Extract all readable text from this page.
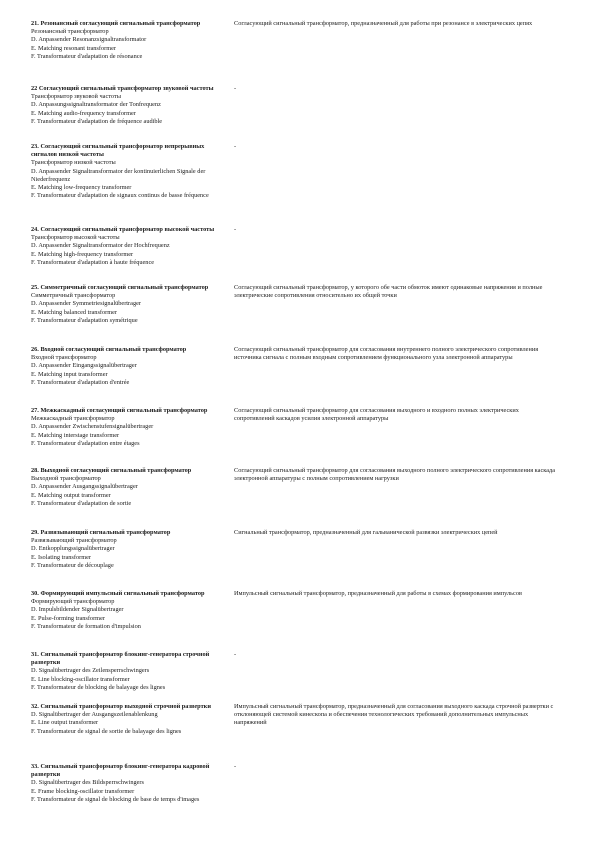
21. Резонансный согласующий сигнальный трансформатор
Резонансный трансформатор
D. Anpassender Resonanzsignaltransformator
E. Matching resonant transformer
F. Transformateur d'adaptation de résonance
Согласующий сигнальный трансформатор, предназначенный для работы при резонансе в электрических цепях
22 Согласующий сигнальный трансформатор звуковой частоты
Трансформатор звуковой частоты
D. Anpassungssignaltransformator der Tonfrequenz
E. Matching audio-frequency transformer
F. Transformateur d'adaptation de fréquence audible
-
23. Согласующий сигнальный трансформатор непрерывных сигналов низкой частоты
Трансформатор низкой частоты
D. Anpassender Signaltransformator der kontinuierlichen Signale der Niederfrequenz
E. Matching low-frequency transformer
F. Transformateur d'adaptation de signaux continus de basse fréquence
-
24. Согласующий сигнальный трансформатор высокой частоты
Трансформатор высокой частоты
D. Anpassender Signaltransformator der Hochfrequenz
E. Matching high-frequency transformer
F. Transformateur d'adaptation à haute fréquence
-
25. Симметричный согласующий сигнальный трансформатор
Симметричный трансформатор
D. Anpassender Symmetriesignalübertrager
E. Matching balanced transformer
F. Transformateur d'adaptation symétrique
Согласующий сигнальный трансформатор, у которого обе части обмоток имеют одинаковые напряжения и полные электрические сопротивления относительно их общей точки
26. Входной согласующий сигнальный трансформатор
Входной трансформатор
D. Anpassender Eingangssignalübertrager
E. Matching input transformer
F. Transformateur d'adaptation d'entrée
Согласующий сигнальный трансформатор для согласования внутреннего полного электрического сопротивления источника сигнала с полным входным сопротивлением функционального узла электронной аппаратуры
27. Межкаскадный согласующий сигнальный трансформатор
Межкаскадный трансформатор
D. Anpassender Zwischenstufensignalübertrager
E. Matching interstage transformer
F. Transformateur d'adaptation entre étages
Согласующий сигнальный трансформатор для согласования выходного и входного полных электрических сопротивлений каскадов усилия электронной аппаратуры
28. Выходной согласующий сигнальный трансформатор
Выходной трансформатор
D. Anpassender Ausgangssignalübertrager
E. Matching output transformer
F. Transformateur d'adaptation de sortie
Согласующий сигнальный трансформатор для согласования выходного полного электрического сопротивления каскада электронной аппаратуры с полным сопротивлением нагрузки
29. Развязывающий сигнальный трансформатор
Развязывающий трансформатор
D. Entkopplungssignalübertrager
E. Isolating transformer
F. Transformateur de découplage
Сигнальный трансформатор, предназначенный для гальванической развязки электрических цепей
30. Формирующий импульсный сигнальный трансформатор
Формирующий трансформатор
D. Impulsbildender Signalübertrager
E. Pulse-forming transformer
F. Transformateur de formation d'impulsion
Импульсный сигнальный трансформатор, предназначенный для работы в схемах формирования импульсов
31. Сигнальный трансформатор блокинг-генератора строчной развертки
D. Signalübertrager des Zeilensperrschwingers
E. Line blocking-oscillator transformer
F. Transformateur de blocking de balayage des lignes
-
32. Сигнальный трансформатор выходной строчной развертки
D. Signalübertrager der Ausgangszeilenablenkung
E. Line output transformer
F. Transformateur de signal de sortie de balayage des lignes
Импульсный сигнальный трансформатор, предназначенный для согласования выходного каскада строчной развертки с отклоняющей системой кинескопа и обеспечения технологических требований дополнительных импульсных напряжений
33. Сигнальный трансформатор блокинг-генератора кадровой развертки
D. Signalübertrager des Bildsperrschwingers
E. Frame blocking-oscillator transformer
F. Transformateur de signal de blocking de base de temps d'images
-
